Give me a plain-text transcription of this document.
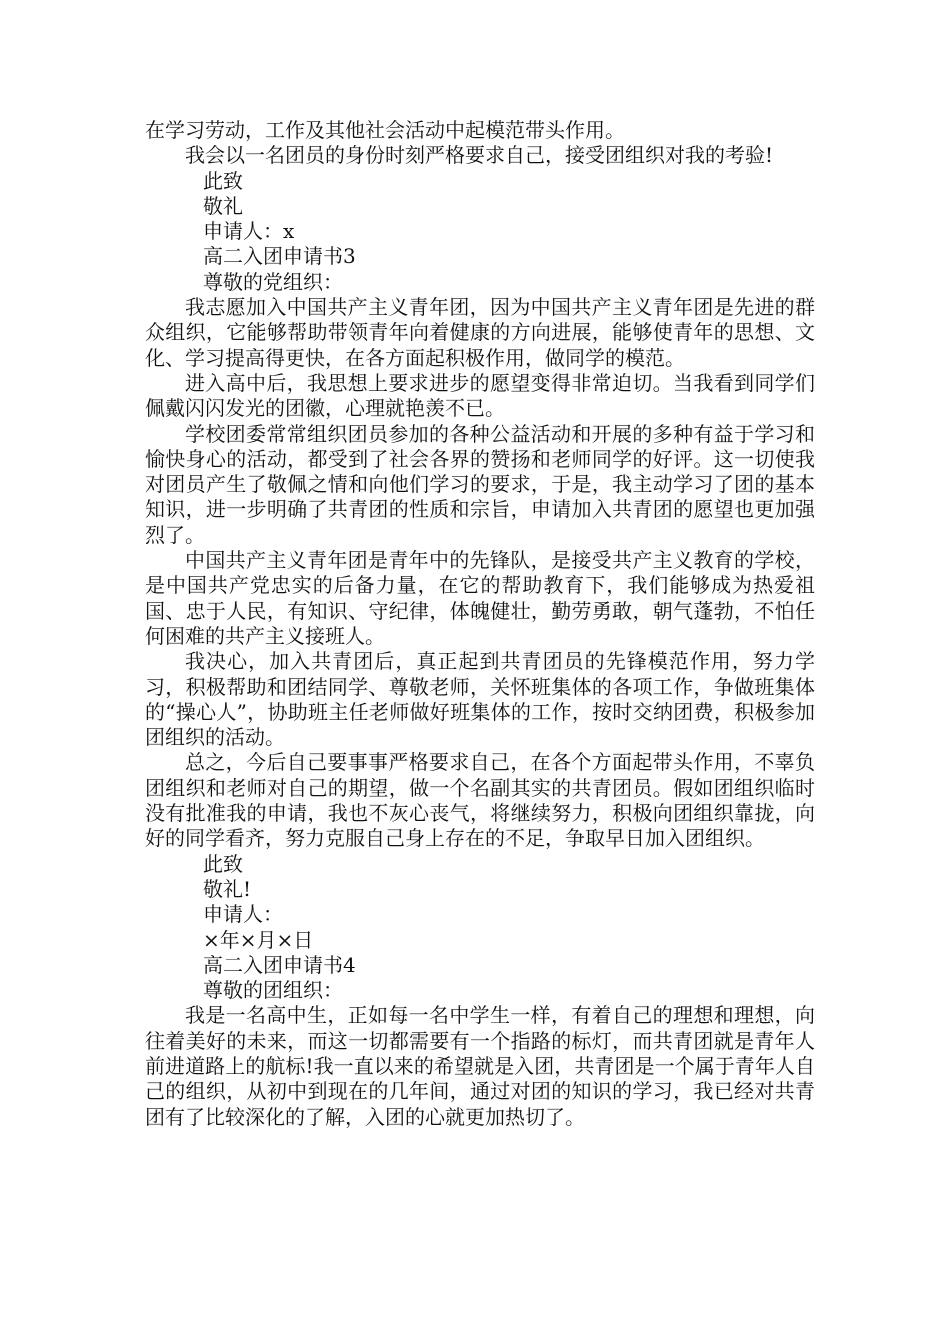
在学习劳动，工作及其他社会活动中起模范带头作用。

我会以一名团员的身份时刻严格要求自己，接受团组织对我的考验!

此致
敬礼
申请人：x
高二入团申请书3
尊敬的党组织：

我志愿加入中国共产主义青年团，因为中国共产主义青年团是先进的群众组织，它能够帮助带领青年向着健康的方向进展，能够使青年的思想、文化、学习提高得更快，在各方面起积极作用，做同学的模范。

进入高中后，我思想上要求进步的愿望变得非常迫切。当我看到同学们佩戴闪闪发光的团徽，心理就艳羡不已。

学校团委常常组织团员参加的各种公益活动和开展的多种有益于学习和愉快身心的活动，都受到了社会各界的赞扬和老师同学的好评。这一切使我对团员产生了敬佩之情和向他们学习的要求，于是，我主动学习了团的基本知识，进一步明确了共青团的性质和宗旨，申请加入共青团的愿望也更加强烈了。

中国共产主义青年团是青年中的先锋队，是接受共产主义教育的学校，是中国共产党忠实的后备力量，在它的帮助教育下，我们能够成为热爱祖国、忠于人民，有知识、守纪律，体魄健壮，勤劳勇敢，朝气蓬勃，不怕任何困难的共产主义接班人。

我决心，加入共青团后，真正起到共青团员的先锋模范作用，努力学习，积极帮助和团结同学、尊敬老师，关怀班集体的各项工作，争做班集体的“操心人”，协助班主任老师做好班集体的工作，按时交纳团费，积极参加团组织的活动。

总之，今后自己要事事严格要求自己，在各个方面起带头作用，不辜负团组织和老师对自己的期望，做一个名副其实的共青团员。假如团组织临时没有批准我的申请，我也不灰心丧气，将继续努力，积极向团组织靠拢，向好的同学看齐，努力克服自己身上存在的不足，争取早日加入团组织。

此致
敬礼!
申请人：
×年×月×日
高二入团申请书4
尊敬的团组织：

我是一名高中生，正如每一名中学生一样，有着自己的理想和理想，向往着美好的未来，而这一切都需要有一个指路的标灯，而共青团就是青年人前进道路上的航标!我一直以来的希望就是入团，共青团是一个属于青年人自己的组织，从初中到现在的几年间，通过对团的知识的学习，我已经对共青团有了比较深化的了解，入团的心就更加热切了。
